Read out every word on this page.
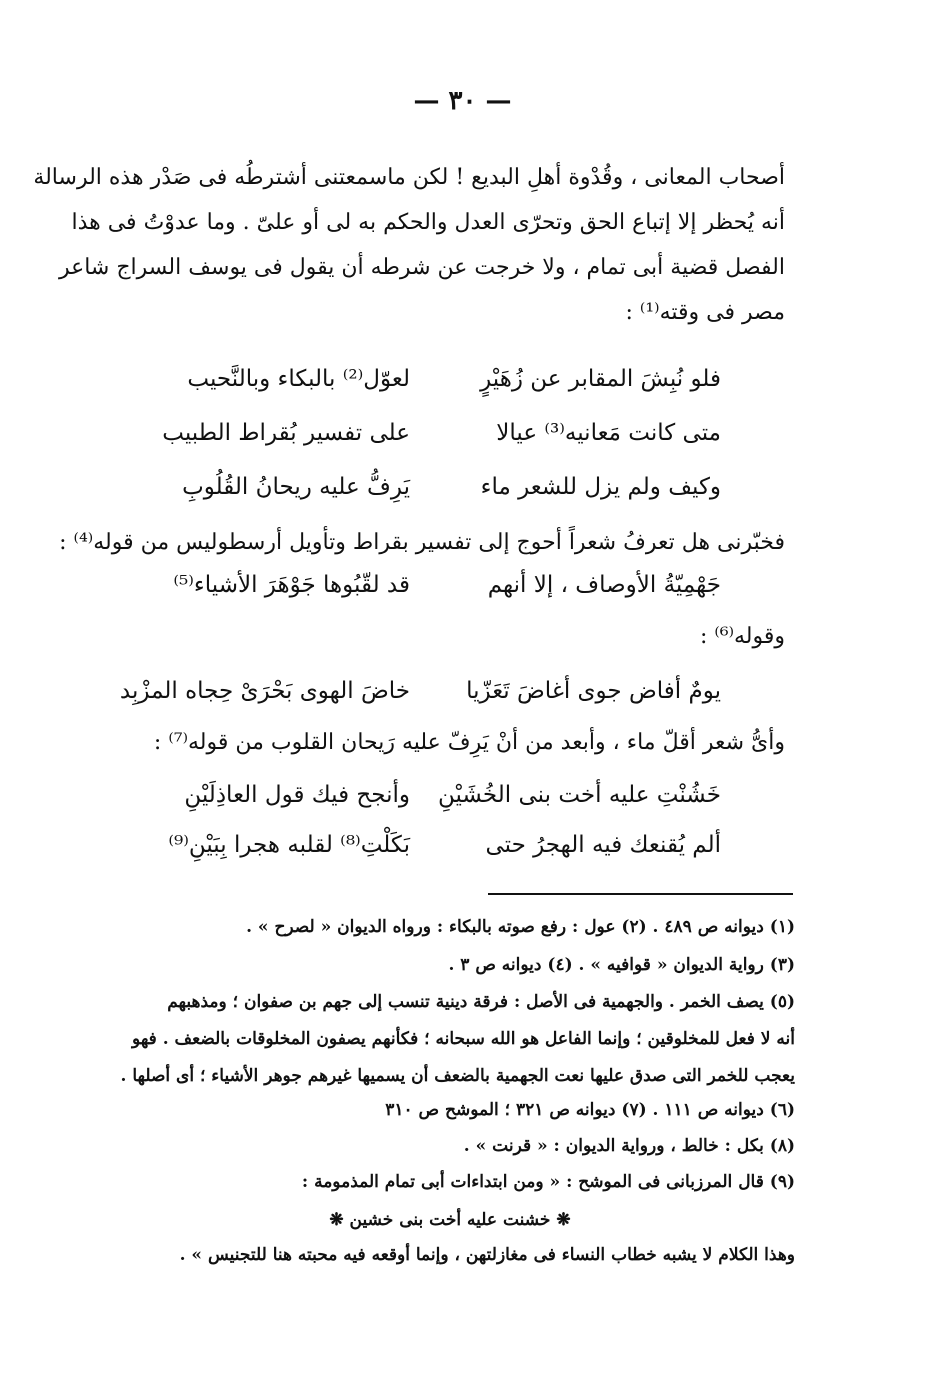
— ٣٠ —
أصحاب المعانى ، وقُدْوة أهلِ البديع ! لكن ماسمعتنى أشترطُه فى صَدْر هذه الرسالة
أنه يُحظر إلا إتباع الحق وتحرّى العدل والحكم به لى أو علىّ . وما عدوْتُ فى هذا
الفصل قضية أبى تمام ، ولا خرجت عن شرطه أن يقول فى يوسف السراج شاعر
مصر فى وقته⁽¹⁾ :
فلو نُبِشَ المقابر عن زُهَيْرٍ
لعوّل⁽²⁾ بالبكاء وبالنَّحيب
متى كانت مَعانيه⁽³⁾ عيالا
على تفسير بُقراط الطبيب
وكيف ولم يزل للشعر ماء
يَرِفُّ عليه ريحانُ القُلُوبِ
فخبّرنى هل تعرفُ شعراً أحوج إلى تفسير بقراط وتأويل أرسطوليس من قوله⁽⁴⁾ :
جَهْمِيّةُ الأوصاف ، إلا أنهم
قد لقّبُوها جَوْهَرَ الأشياء⁽⁵⁾
وقوله⁽⁶⁾ :
يومٌ أفاض جوى أغاضَ تَعَزّيا
خاضَ الهوى بَحْرَىْ حِجاه المزْبِد
وأىُّ شعر أقلّ ماء ، وأبعد من أنْ يَرِفّ عليه رَيحان القلوب من قوله⁽⁷⁾ :
خَشُنْتِ عليه أخت بنى الخُشَيْنِ
وأنجح فيك قول العاذِلَيْنِ
ألم يُقنعك فيه الهجرُ حتى
بَكَلْتِ⁽⁸⁾ لقلبه هجرا بِبَيْنِ⁽⁹⁾
(١) ديوانه ص ٤٨٩ . (٢) عول : رفع صوته بالبكاء : ورواه الديوان « لصرح » .
(٣) رواية الديوان « قوافيه » . (٤) ديوانه ص ٣ .
(٥) يصف الخمر . والجهمية فى الأصل : فرقة دينية تنسب إلى جهم بن صفوان ؛ ومذهبهم
أنه لا فعل للمخلوقين ؛ وإنما الفاعل هو الله سبحانه ؛ فكأنهم يصفون المخلوقات بالضعف . فهو
يعجب للخمر التى صدق عليها نعت الجهمية بالضعف أن يسميها غيرهم جوهر الأشياء ؛ أى أصلها .
(٦) ديوانه ص ١١١ . (٧) ديوانه ص ٣٢١ ؛ الموشح ص ٣١٠
(٨) بكل : خالط ، ورواية الديوان : « قرنت » .
(٩) قال المرزبانى فى الموشح : « ومن ابتداءات أبى تمام المذمومة :
❋ خشنت عليه أخت بنى خشين ❋
وهذا الكلام لا يشبه خطاب النساء فى مغازلتهن ، وإنما أوقعه فيه محبته هنا للتجنيس » .
